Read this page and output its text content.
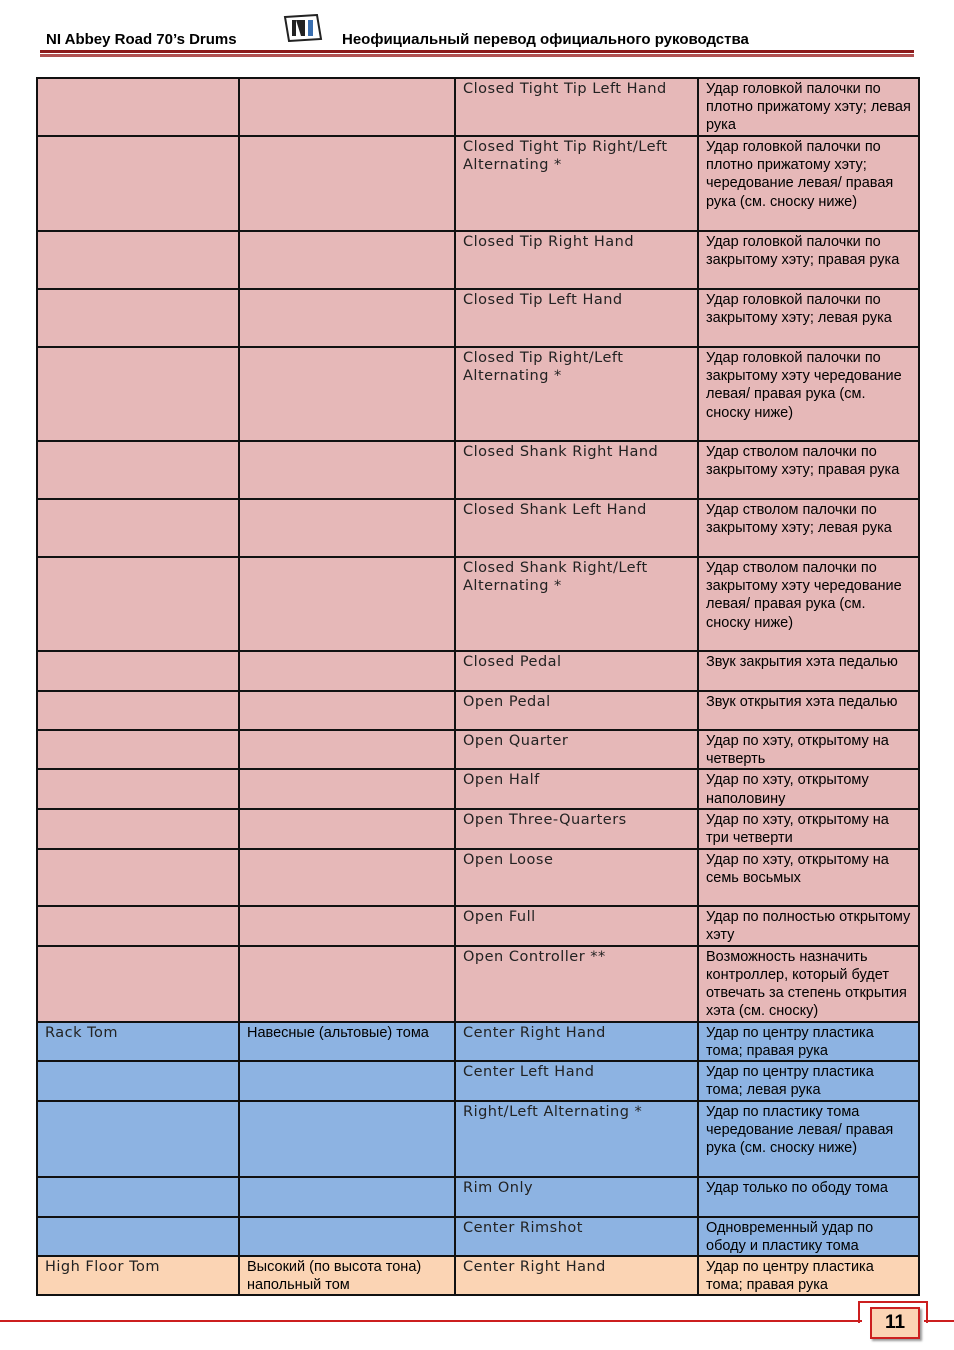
NI Abbey Road 70’s Drums	Неофициальный перевод официального руководства
		Closed Tight Tip Left Hand	Удар головкой палочки по плотно прижатому хэту; левая рука
		Closed Tight Tip Right/Left Alternating *	Удар головкой палочки по плотно прижатому хэту; чередование левая/ правая рука (см. сноску ниже)
		Closed Tip Right Hand	Удар головкой палочки по закрытому хэту; правая рука
		Closed Tip Left Hand	Удар головкой палочки по закрытому хэту; левая рука
		Closed Tip Right/Left Alternating *	Удар головкой палочки по закрытому хэту чередование левая/ правая рука (см. сноску ниже)
		Closed Shank Right Hand	Удар стволом палочки по закрытому хэту; правая рука
		Closed Shank Left Hand	Удар стволом палочки по закрытому хэту; левая рука
		Closed Shank Right/Left Alternating *	Удар стволом палочки по закрытому хэту чередование левая/ правая рука (см. сноску ниже)
		Closed Pedal	Звук закрытия хэта педалью
		Open Pedal	Звук открытия хэта педалью
		Open Quarter	Удар по хэту, открытому на четверть
		Open Half	Удар по хэту, открытому наполовину
		Open Three-Quarters	Удар по хэту, открытому на три четверти
		Open Loose	Удар по хэту, открытому на семь восьмых
		Open Full	Удар по полностью открытому хэту
		Open Controller **	Возможность назначить контроллер, который будет отвечать за степень открытия хэта (см. сноску)
Rack Tom	Навесные (альтовые) тома	Center Right Hand	Удар по центру пластика тома; правая рука
		Center Left Hand	Удар по центру пластика тома; левая рука
		Right/Left Alternating *	Удар по пластику тома чередование левая/ правая рука (см. сноску ниже)
		Rim Only	Удар только по ободу тома
		Center Rimshot	Одновременный удар по ободу и пластику тома
High Floor Tom	Высокий (по высота тона) напольный том	Center Right Hand	Удар по центру пластика тома; правая рука
11
